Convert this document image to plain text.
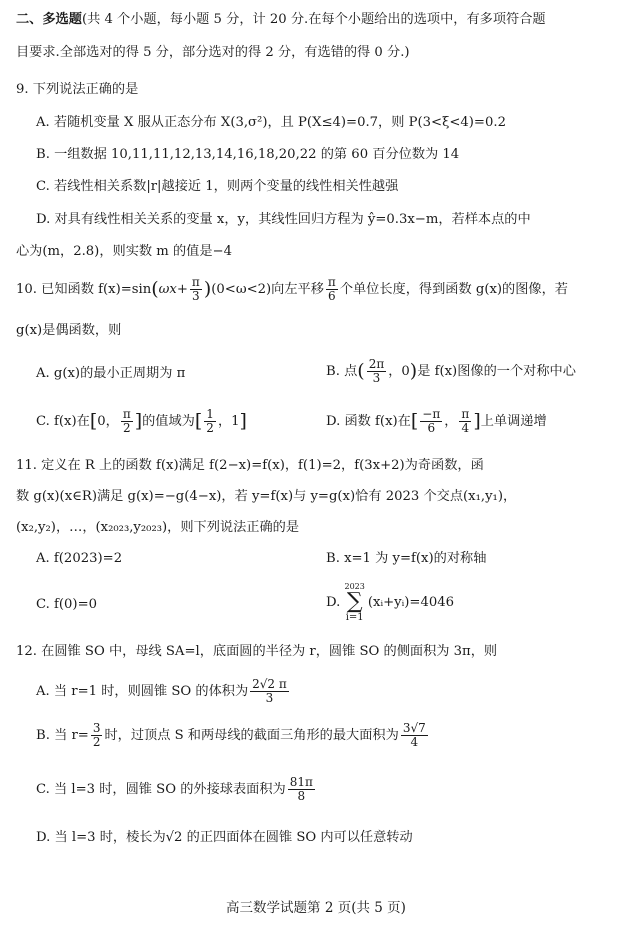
二、多选题(共 4 个小题，每小题 5 分，计 20 分.在每个小题给出的选项中，有多项符合题
目要求.全部选对的得 5 分，部分选对的得 2 分，有选错的得 0 分.)
9. 下列说法正确的是
A. 若随机变量 X 服从正态分布 X(3,σ²)，且 P(X≤4)=0.7，则 P(3<ξ<4)=0.2
B. 一组数据 10,11,11,12,13,14,16,18,20,22 的第 60 百分位数为 14
C. 若线性相关系数|r|越接近 1，则两个变量的线性相关性越强
D. 对具有线性相关关系的变量 x，y，其线性回归方程为 ŷ=0.3x−m，若样本点的中
心为(m，2.8)，则实数 m 的值是−4
10. 已知函数 $f(x)=\sin(\omega x+ \frac{\pi}{3} )(0<\omega<2)$向左平移 $\frac{\pi}{6}$ 个单位长度，得到函数 g(x)的图像，若
g(x)是偶函数，则
A. g(x)的最小正周期为 π	B. 点( $\frac{2\pi}{3}$ ，0)是 f(x)图像的一个对称中心
C. f(x)在[0， $\frac{\pi}{2}$ ]的值域为[ $\frac{1}{2}$ ，1]	D. 函数 f(x)在[ $\frac{-\pi}{6}$ ， $\frac{\pi}{4}$ ]上单调递增
11. 定义在 R 上的函数 f(x)满足 f(2−x)=f(x)，f(1)=2，f(3x+2)为奇函数，函
数 g(x)(x∈R)满足 g(x)=−g(4−x)，若 y=f(x)与 y=g(x)恰有 2023 个交点(x₁,y₁)，
(x₂,y₂)，…，(x₂₀₂₃,y₂₀₂₃)，则下列说法正确的是
A. f(2023)=2	B. x=1 为 y=f(x)的对称轴
C. f(0)=0	D.
2023
∑
i=1
(xᵢ+yᵢ)=4046
12. 在圆锥 SO 中，母线 SA=l，底面圆的半径为 r，圆锥 SO 的侧面积为 3π，则
A. 当 r=1 时，则圆锥 SO 的体积为 $\frac{2√2 \pi}{3}$
B. 当 $r= \frac{3}{2}$ 时，过顶点 S 和两母线的截面三角形的最大面积为 $\frac{3√7}{4}$
C. 当 l=3 时，圆锥 SO 的外接球表面积为 $\frac{81\pi}{8}$
D. 当 l=3 时，棱长为√2 的正四面体在圆锥 SO 内可以任意转动
高三数学试题第 2 页(共 5 页)
